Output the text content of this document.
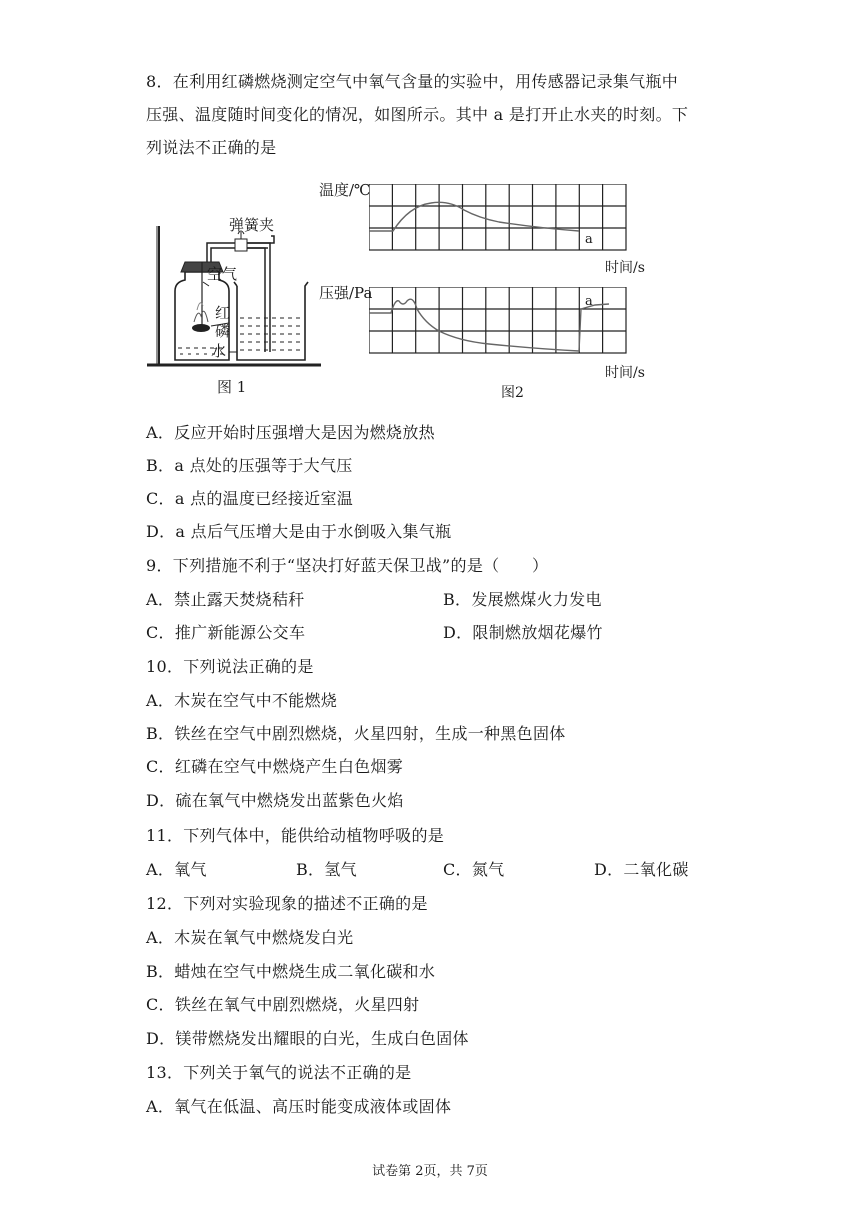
8．在利用红磷燃烧测定空气中氧气含量的实验中，用传感器记录集气瓶中
压强、温度随时间变化的情况，如图所示。其中 a 是打开止水夹的时刻。下
列说法不正确的是
弹簧夹
空气
红
磷
水
图 1
温度/℃
a
时间/s
压强/Pa	a
时间/s
图2
A．反应开始时压强增大是因为燃烧放热
B．a 点处的压强等于大气压
C．a 点的温度已经接近室温
D．a 点后气压增大是由于水倒吸入集气瓶
9．下列措施不利于“坚决打好蓝天保卫战”的是（　　）
A．禁止露天焚烧秸秆	B．发展燃煤火力发电
C．推广新能源公交车	D．限制燃放烟花爆竹
10．下列说法正确的是
A．木炭在空气中不能燃烧
B．铁丝在空气中剧烈燃烧，火星四射，生成一种黑色固体
C．红磷在空气中燃烧产生白色烟雾
D．硫在氧气中燃烧发出蓝紫色火焰
11．下列气体中，能供给动植物呼吸的是
A．氧气	B．氢气	C．氮气	D．二氧化碳
12．下列对实验现象的描述不正确的是
A．木炭在氧气中燃烧发白光
B．蜡烛在空气中燃烧生成二氧化碳和水
C．铁丝在氧气中剧烈燃烧，火星四射
D．镁带燃烧发出耀眼的白光，生成白色固体
13．下列关于氧气的说法不正确的是
A．氧气在低温、高压时能变成液体或固体
试卷第 2页，共 7页
